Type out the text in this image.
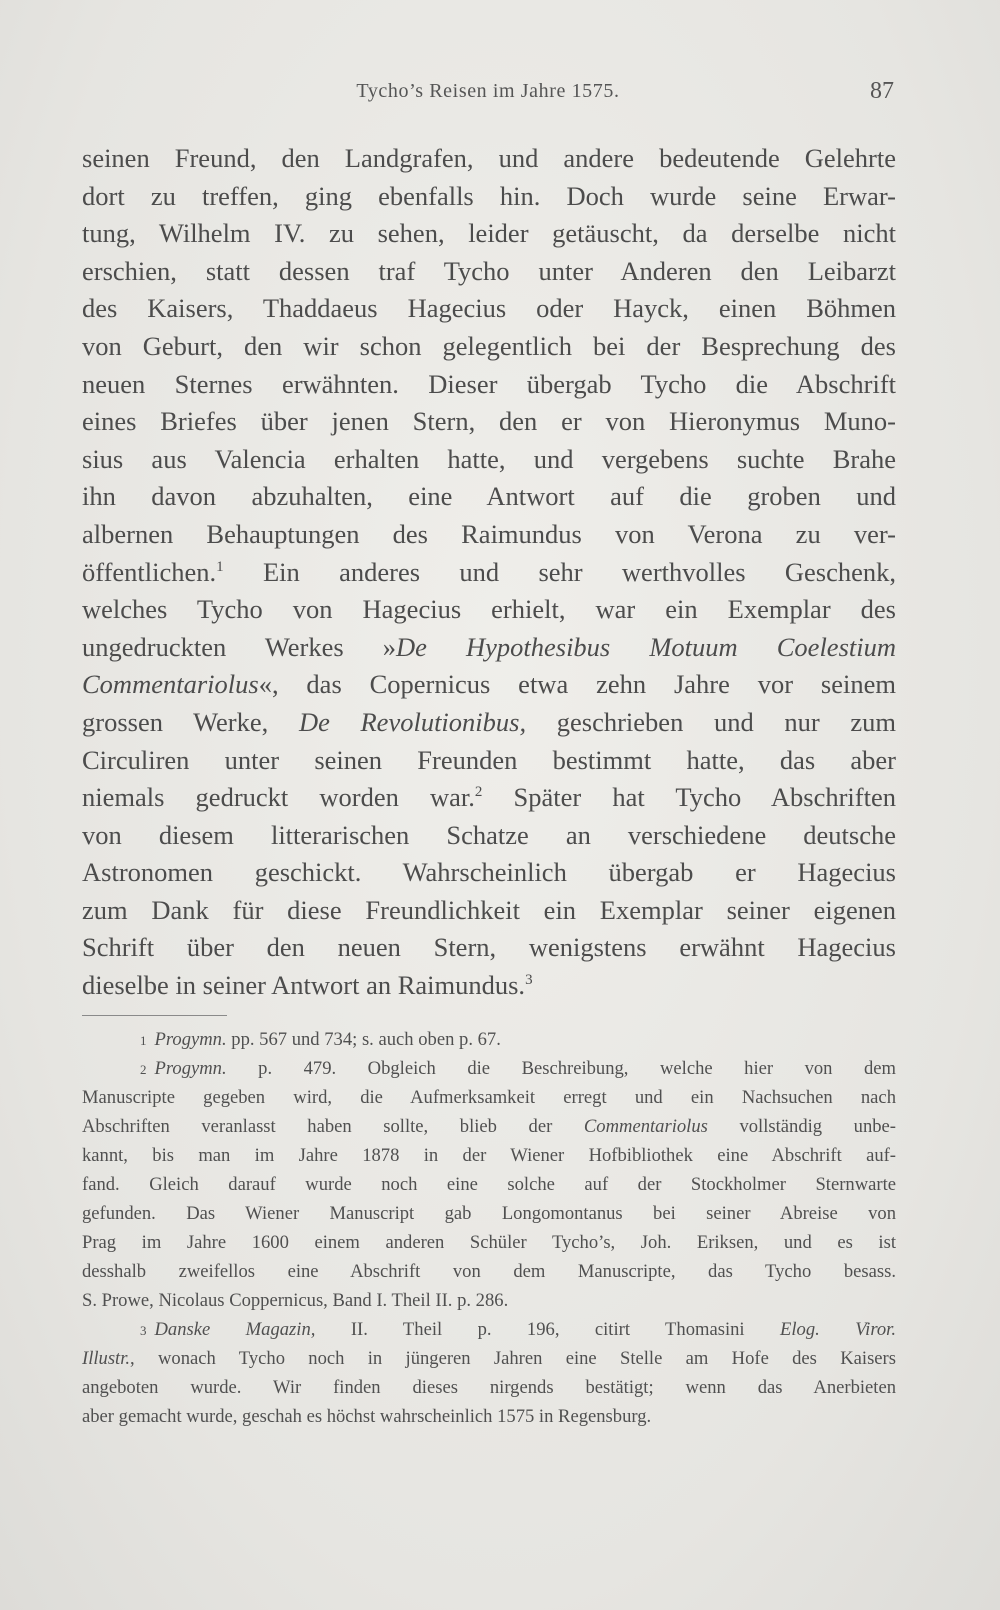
Tycho’s Reisen im Jahre 1575.	87
seinen Freund, den Landgrafen, und andere bedeutende Gelehrte
dort zu treffen, ging ebenfalls hin. Doch wurde seine Erwar-
tung, Wilhelm IV. zu sehen, leider getäuscht, da derselbe nicht
erschien, statt dessen traf Tycho unter Anderen den Leibarzt
des Kaisers, Thaddaeus Hagecius oder Hayck, einen Böhmen
von Geburt, den wir schon gelegentlich bei der Besprechung des
neuen Sternes erwähnten. Dieser übergab Tycho die Abschrift
eines Briefes über jenen Stern, den er von Hieronymus Muno-
sius aus Valencia erhalten hatte, und vergebens suchte Brahe
ihn davon abzuhalten, eine Antwort auf die groben und
albernen Behauptungen des Raimundus von Verona zu ver-
öffentlichen.$^1$ Ein anderes und sehr werthvolles Geschenk,
welches Tycho von Hagecius erhielt, war ein Exemplar des
ungedruckten Werkes »De Hypothesibus Motuum Coelestium
Commentariolus«, das Copernicus etwa zehn Jahre vor seinem
grossen Werke, De Revolutionibus, geschrieben und nur zum
Circuliren unter seinen Freunden bestimmt hatte, das aber
niemals gedruckt worden war.$^2$ Später hat Tycho Abschriften
von diesem litterarischen Schatze an verschiedene deutsche
Astronomen geschickt. Wahrscheinlich übergab er Hagecius
zum Dank für diese Freundlichkeit ein Exemplar seiner eigenen
Schrift über den neuen Stern, wenigstens erwähnt Hagecius
dieselbe in seiner Antwort an Raimundus.$^3$
1 Progymn. pp. 567 und 734; s. auch oben p. 67.
2 Progymn. p. 479. Obgleich die Beschreibung, welche hier von dem
Manuscripte gegeben wird, die Aufmerksamkeit erregt und ein Nachsuchen nach
Abschriften veranlasst haben sollte, blieb der Commentariolus vollständig unbe-
kannt, bis man im Jahre 1878 in der Wiener Hofbibliothek eine Abschrift auf-
fand. Gleich darauf wurde noch eine solche auf der Stockholmer Sternwarte
gefunden. Das Wiener Manuscript gab Longomontanus bei seiner Abreise von
Prag im Jahre 1600 einem anderen Schüler Tycho’s, Joh. Eriksen, und es ist
desshalb zweifellos eine Abschrift von dem Manuscripte, das Tycho besass.
S. Prowe, Nicolaus Coppernicus, Band I. Theil II. p. 286.
3 Danske Magazin, II. Theil p. 196, citirt Thomasini Elog. Viror.
Illustr., wonach Tycho noch in jüngeren Jahren eine Stelle am Hofe des Kaisers
angeboten wurde. Wir finden dieses nirgends bestätigt; wenn das Anerbieten
aber gemacht wurde, geschah es höchst wahrscheinlich 1575 in Regensburg.
